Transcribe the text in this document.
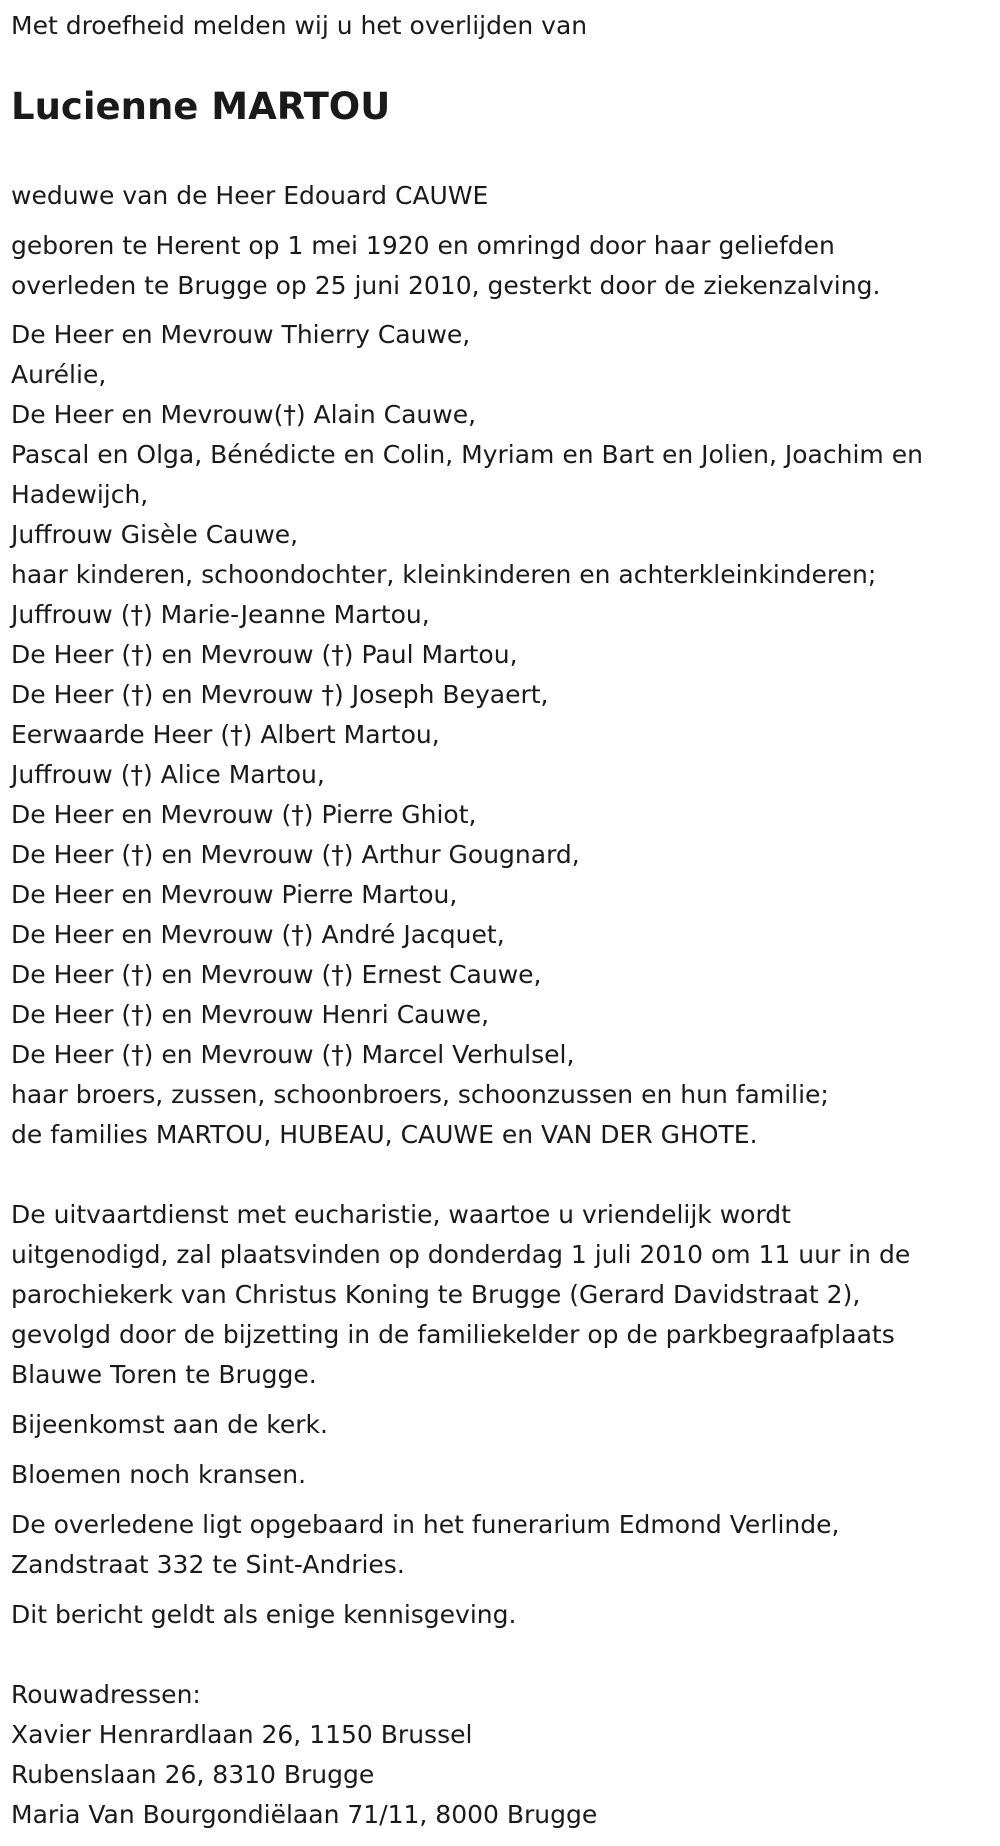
Met droefheid melden wij u het overlijden van

Lucienne MARTOU

weduwe van de Heer Edouard CAUWE

geboren te Herent op 1 mei 1920 en omringd door haar geliefden

overleden te Brugge op 25 juni 2010, gesterkt door de ziekenzalving.

De Heer en Mevrouw Thierry Cauwe,

Aurélie,

De Heer en Mevrouw(†) Alain Cauwe,

Pascal en Olga, Bénédicte en Colin, Myriam en Bart en Jolien, Joachim en

Hadewijch,

Juffrouw Gisèle Cauwe,

haar kinderen, schoondochter, kleinkinderen en achterkleinkinderen;

Juffrouw (†) Marie-Jeanne Martou,

De Heer (†) en Mevrouw (†) Paul Martou,

De Heer (†) en Mevrouw †) Joseph Beyaert,

Eerwaarde Heer (†) Albert Martou,

Juffrouw (†) Alice Martou,

De Heer en Mevrouw (†) Pierre Ghiot,

De Heer (†) en Mevrouw (†) Arthur Gougnard,

De Heer en Mevrouw Pierre Martou,

De Heer en Mevrouw (†) André Jacquet,

De Heer (†) en Mevrouw (†) Ernest Cauwe,

De Heer (†) en Mevrouw Henri Cauwe,

De Heer (†) en Mevrouw (†) Marcel Verhulsel,

haar broers, zussen, schoonbroers, schoonzussen en hun familie;

de families MARTOU, HUBEAU, CAUWE en VAN DER GHOTE.

De uitvaartdienst met eucharistie, waartoe u vriendelijk wordt

uitgenodigd, zal plaatsvinden op donderdag 1 juli 2010 om 11 uur in de

parochiekerk van Christus Koning te Brugge (Gerard Davidstraat 2),

gevolgd door de bijzetting in de familiekelder op de parkbegraafplaats

Blauwe Toren te Brugge.

Bijeenkomst aan de kerk.

Bloemen noch kransen.

De overledene ligt opgebaard in het funerarium Edmond Verlinde,

Zandstraat 332 te Sint-Andries.

Dit bericht geldt als enige kennisgeving.

Rouwadressen:

Xavier Henrardlaan 26, 1150 Brussel

Rubenslaan 26, 8310 Brugge

Maria Van Bourgondiëlaan 71/11, 8000 Brugge
